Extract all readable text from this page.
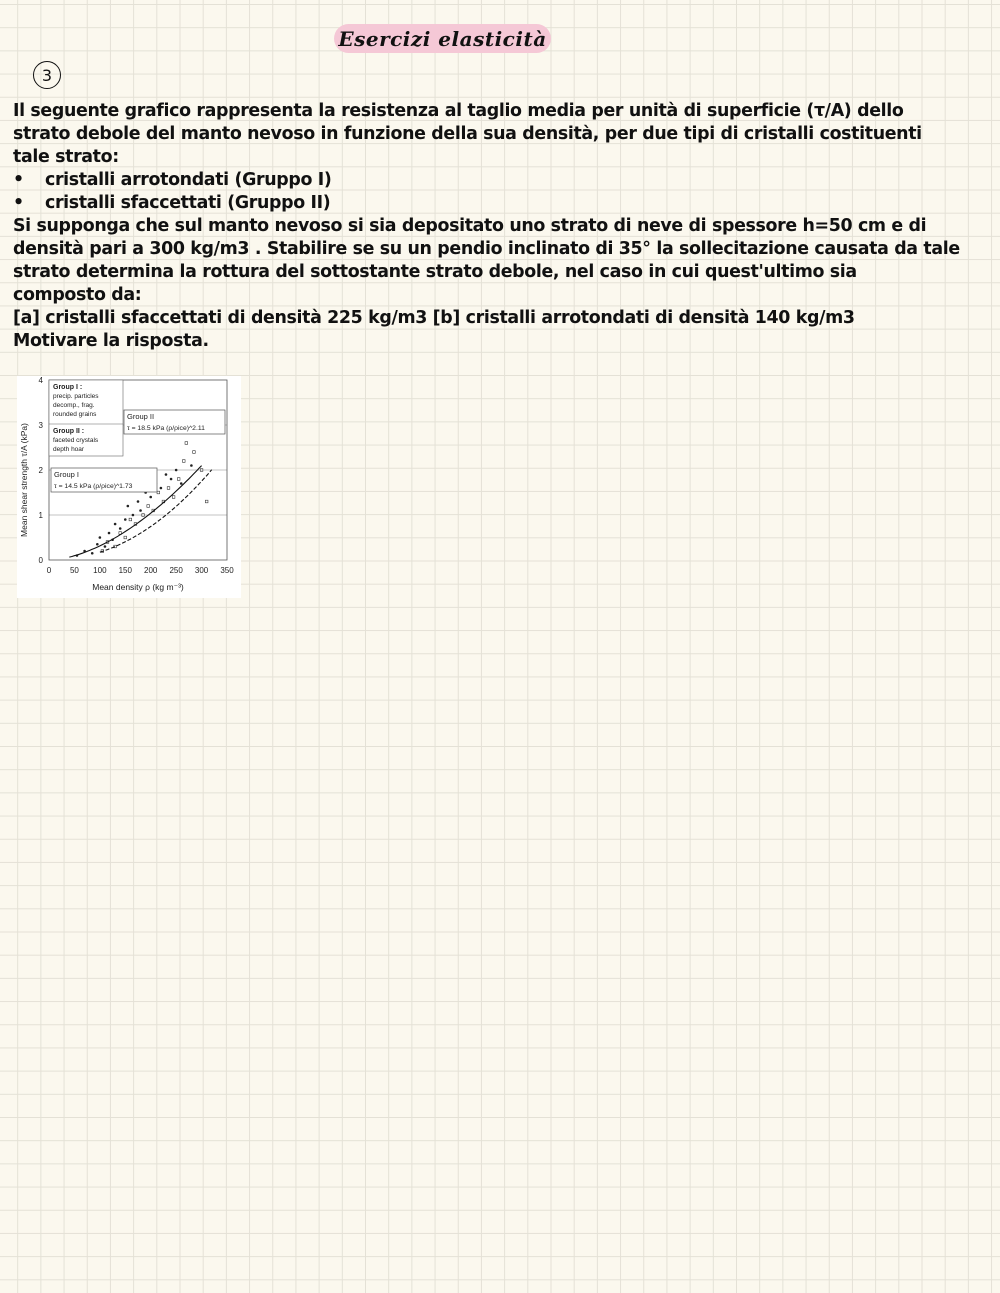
Esercizi elasticità
3

Il seguente grafico rappresenta la resistenza al taglio media per unità di superficie (τ/A) dello

strato debole del manto nevoso in funzione della sua densità, per due tipi di cristalli costituenti

tale strato:

•	cristalli arrotondati (Gruppo I)

•	cristalli sfaccettati (Gruppo II)

Si supponga che sul manto nevoso si sia depositato uno strato di neve di spessore h=50 cm e di

densità pari a 300 kg/m3 . Stabilire se su un pendio inclinato di 35° la sollecitazione causata da tale

strato determina la rottura del sottostante strato debole, nel caso in cui quest'ultimo sia

composto da:

[a] cristalli sfaccettati di densità 225 kg/m3 [b] cristalli arrotondati di densità 140 kg/m3

Motivare la risposta.

Group I :
precip. particles
decomp., frag.
rounded grains
Group II :
faceted crystals
depth hoar
Group II
τ = 18.5 kPa (ρ/ρice)^2.11
Group I
τ = 14.5 kPa (ρ/ρice)^1.73
0
1
2
3
4
0 50 100 150 200 250 300 350
Mean density ρ (kg m⁻³)
Mean shear strength τ/A (kPa)
